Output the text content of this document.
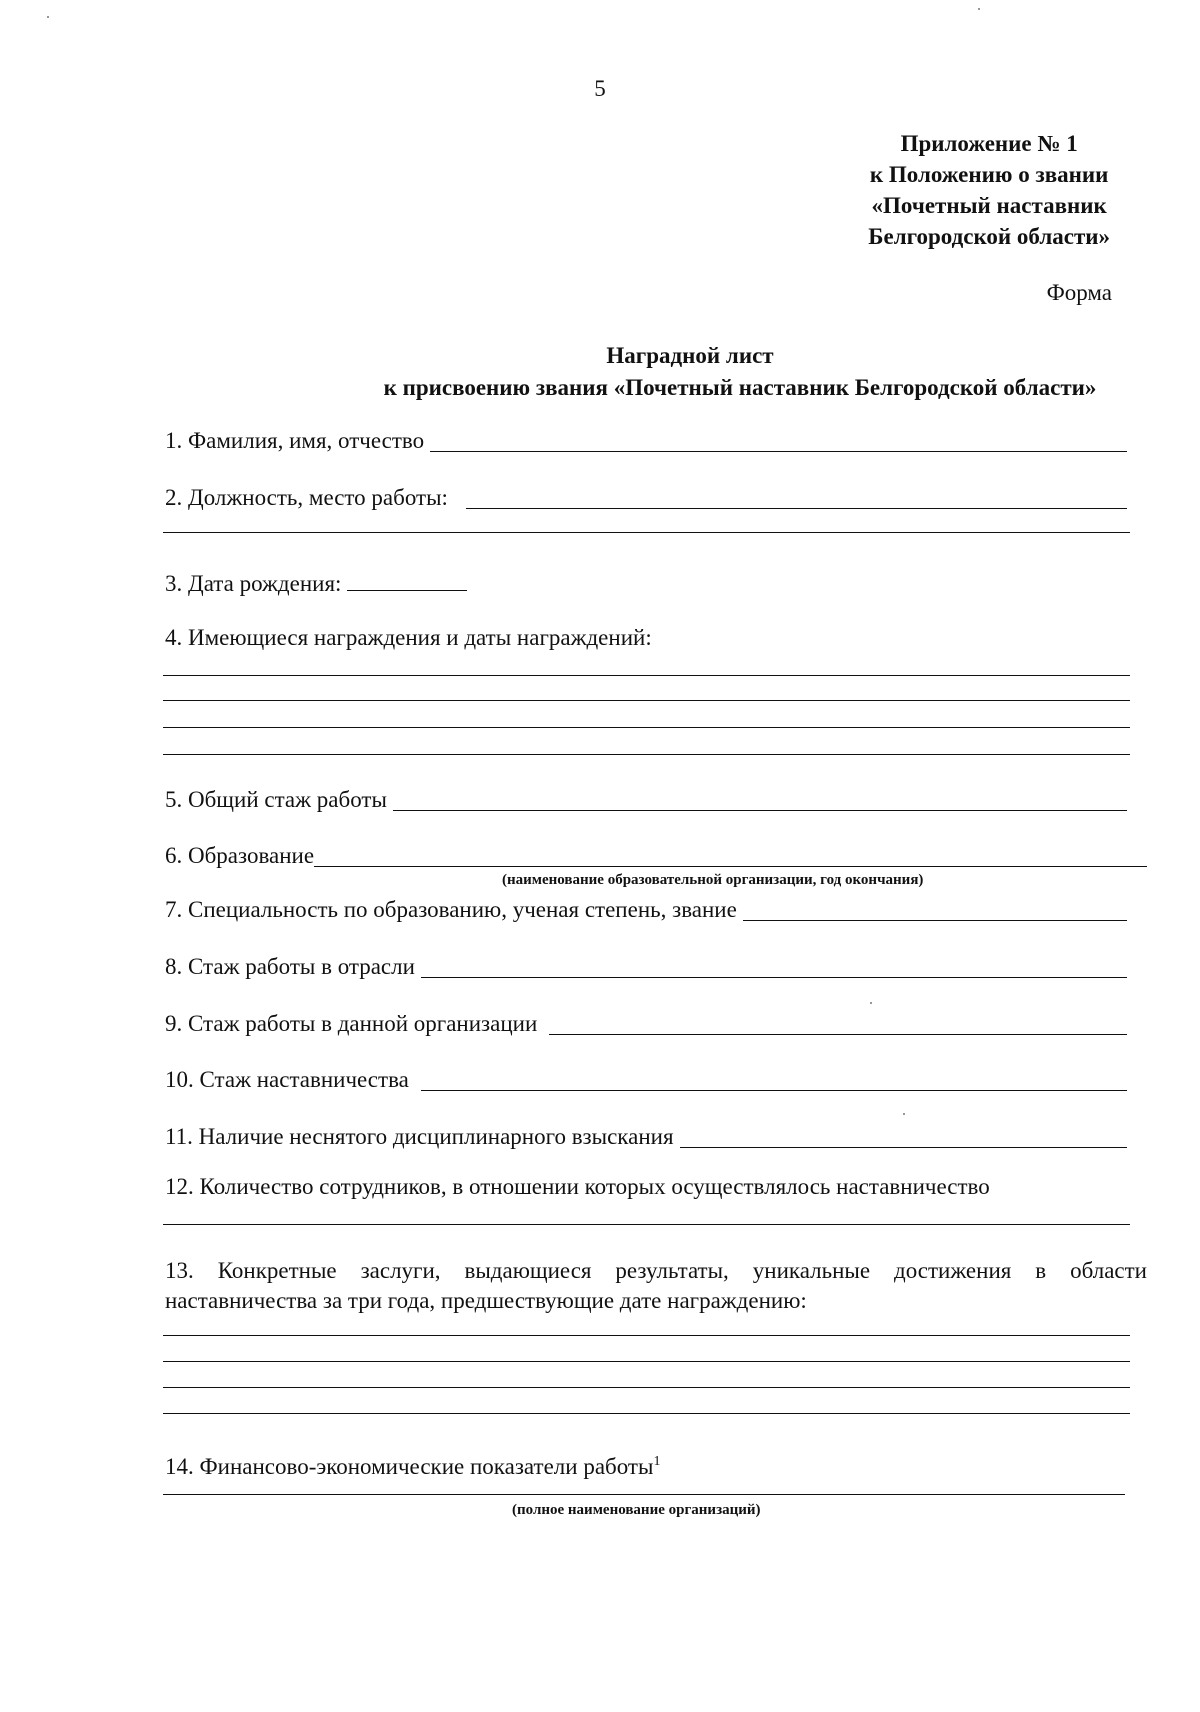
5
Приложение № 1
к Положению о звании
«Почетный наставник
Белгородской области»
Форма
Наградной лист
к присвоению звания «Почетный наставник Белгородской области»
1. Фамилия, имя, отчество
2. Должность, место работы:
3. Дата рождения:
4. Имеющиеся награждения и даты награждений:
5. Общий стаж работы
6. Образование
(наименование образовательной организации, год окончания)
7. Специальность по образованию, ученая степень, звание
8. Стаж работы в отрасли
9. Стаж работы в данной организации
10. Стаж наставничества
11. Наличие неснятого дисциплинарного взыскания
12. Количество сотрудников, в отношении которых осуществлялось наставничество
13. Конкретные заслуги, выдающиеся результаты, уникальные достижения в области наставничества за три года, предшествующие дате награждению:
14. Финансово-экономические показатели работы$^1$
(полное наименование организаций)
